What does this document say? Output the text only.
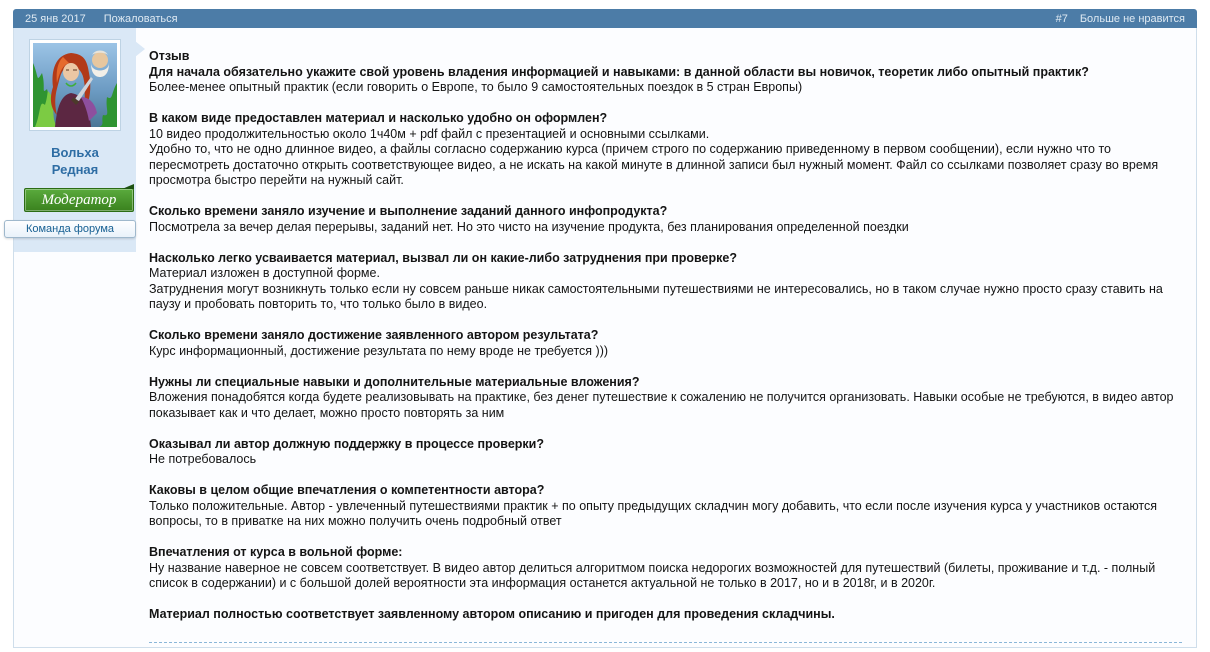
25 янв 2017 Пожаловаться	#7 Больше не нравится
Вольха
Редная
Модератор
Команда форума
Отзыв
Для начала обязательно укажите свой уровень владения информацией и навыками: в данной области вы новичок, теоретик либо опытный практик?
Более-менее опытный практик (если говорить о Европе, то было 9 самостоятельных поездок в 5 стран Европы)
В каком виде предоставлен материал и насколько удобно он оформлен?
10 видео продолжительностью около 1ч40м + pdf файл с презентацией и основными ссылками.
Удобно то, что не одно длинное видео, а файлы согласно содержанию курса (причем строго по содержанию приведенному в первом сообщении), если нужно что то пересмотреть достаточно открыть соответствующее видео, а не искать на какой минуте в длинной записи был нужный момент. Файл со ссылками позволяет сразу во время просмотра быстро перейти на нужный сайт.
Сколько времени заняло изучение и выполнение заданий данного инфопродукта?
Посмотрела за вечер делая перерывы, заданий нет. Но это чисто на изучение продукта, без планирования определенной поездки
Насколько легко усваивается материал, вызвал ли он какие-либо затруднения при проверке?
Материал изложен в доступной форме.
Затруднения могут возникнуть только если ну совсем раньше никак самостоятельными путешествиями не интересовались, но в таком случае нужно просто сразу ставить на паузу и пробовать повторить то, что только было в видео.
Сколько времени заняло достижение заявленного автором результата?
Курс информационный, достижение результата по нему вроде не требуется )))
Нужны ли специальные навыки и дополнительные материальные вложения?
Вложения понадобятся когда будете реализовывать на практике, без денег путешествие к сожалению не получится организовать. Навыки особые не требуются, в видео автор показывает как и что делает, можно просто повторять за ним
Оказывал ли автор должную поддержку в процессе проверки?
Не потребовалось
Каковы в целом общие впечатления о компетентности автора?
Только положительные. Автор - увлеченный путешествиями практик + по опыту предыдущих складчин могу добавить, что если после изучения курса у участников остаются вопросы, то в приватке на них можно получить очень подробный ответ
Впечатления от курса в вольной форме:
Ну название наверное не совсем соответствует. В видео автор делиться алгоритмом поиска недорогих возможностей для путешествий (билеты, проживание и т.д. - полный список в содержании) и с большой долей вероятности эта информация останется актуальной не только в 2017, но и в 2018г, и в 2020г.
Материал полностью соответствует заявленному автором описанию и пригоден для проведения складчины.
